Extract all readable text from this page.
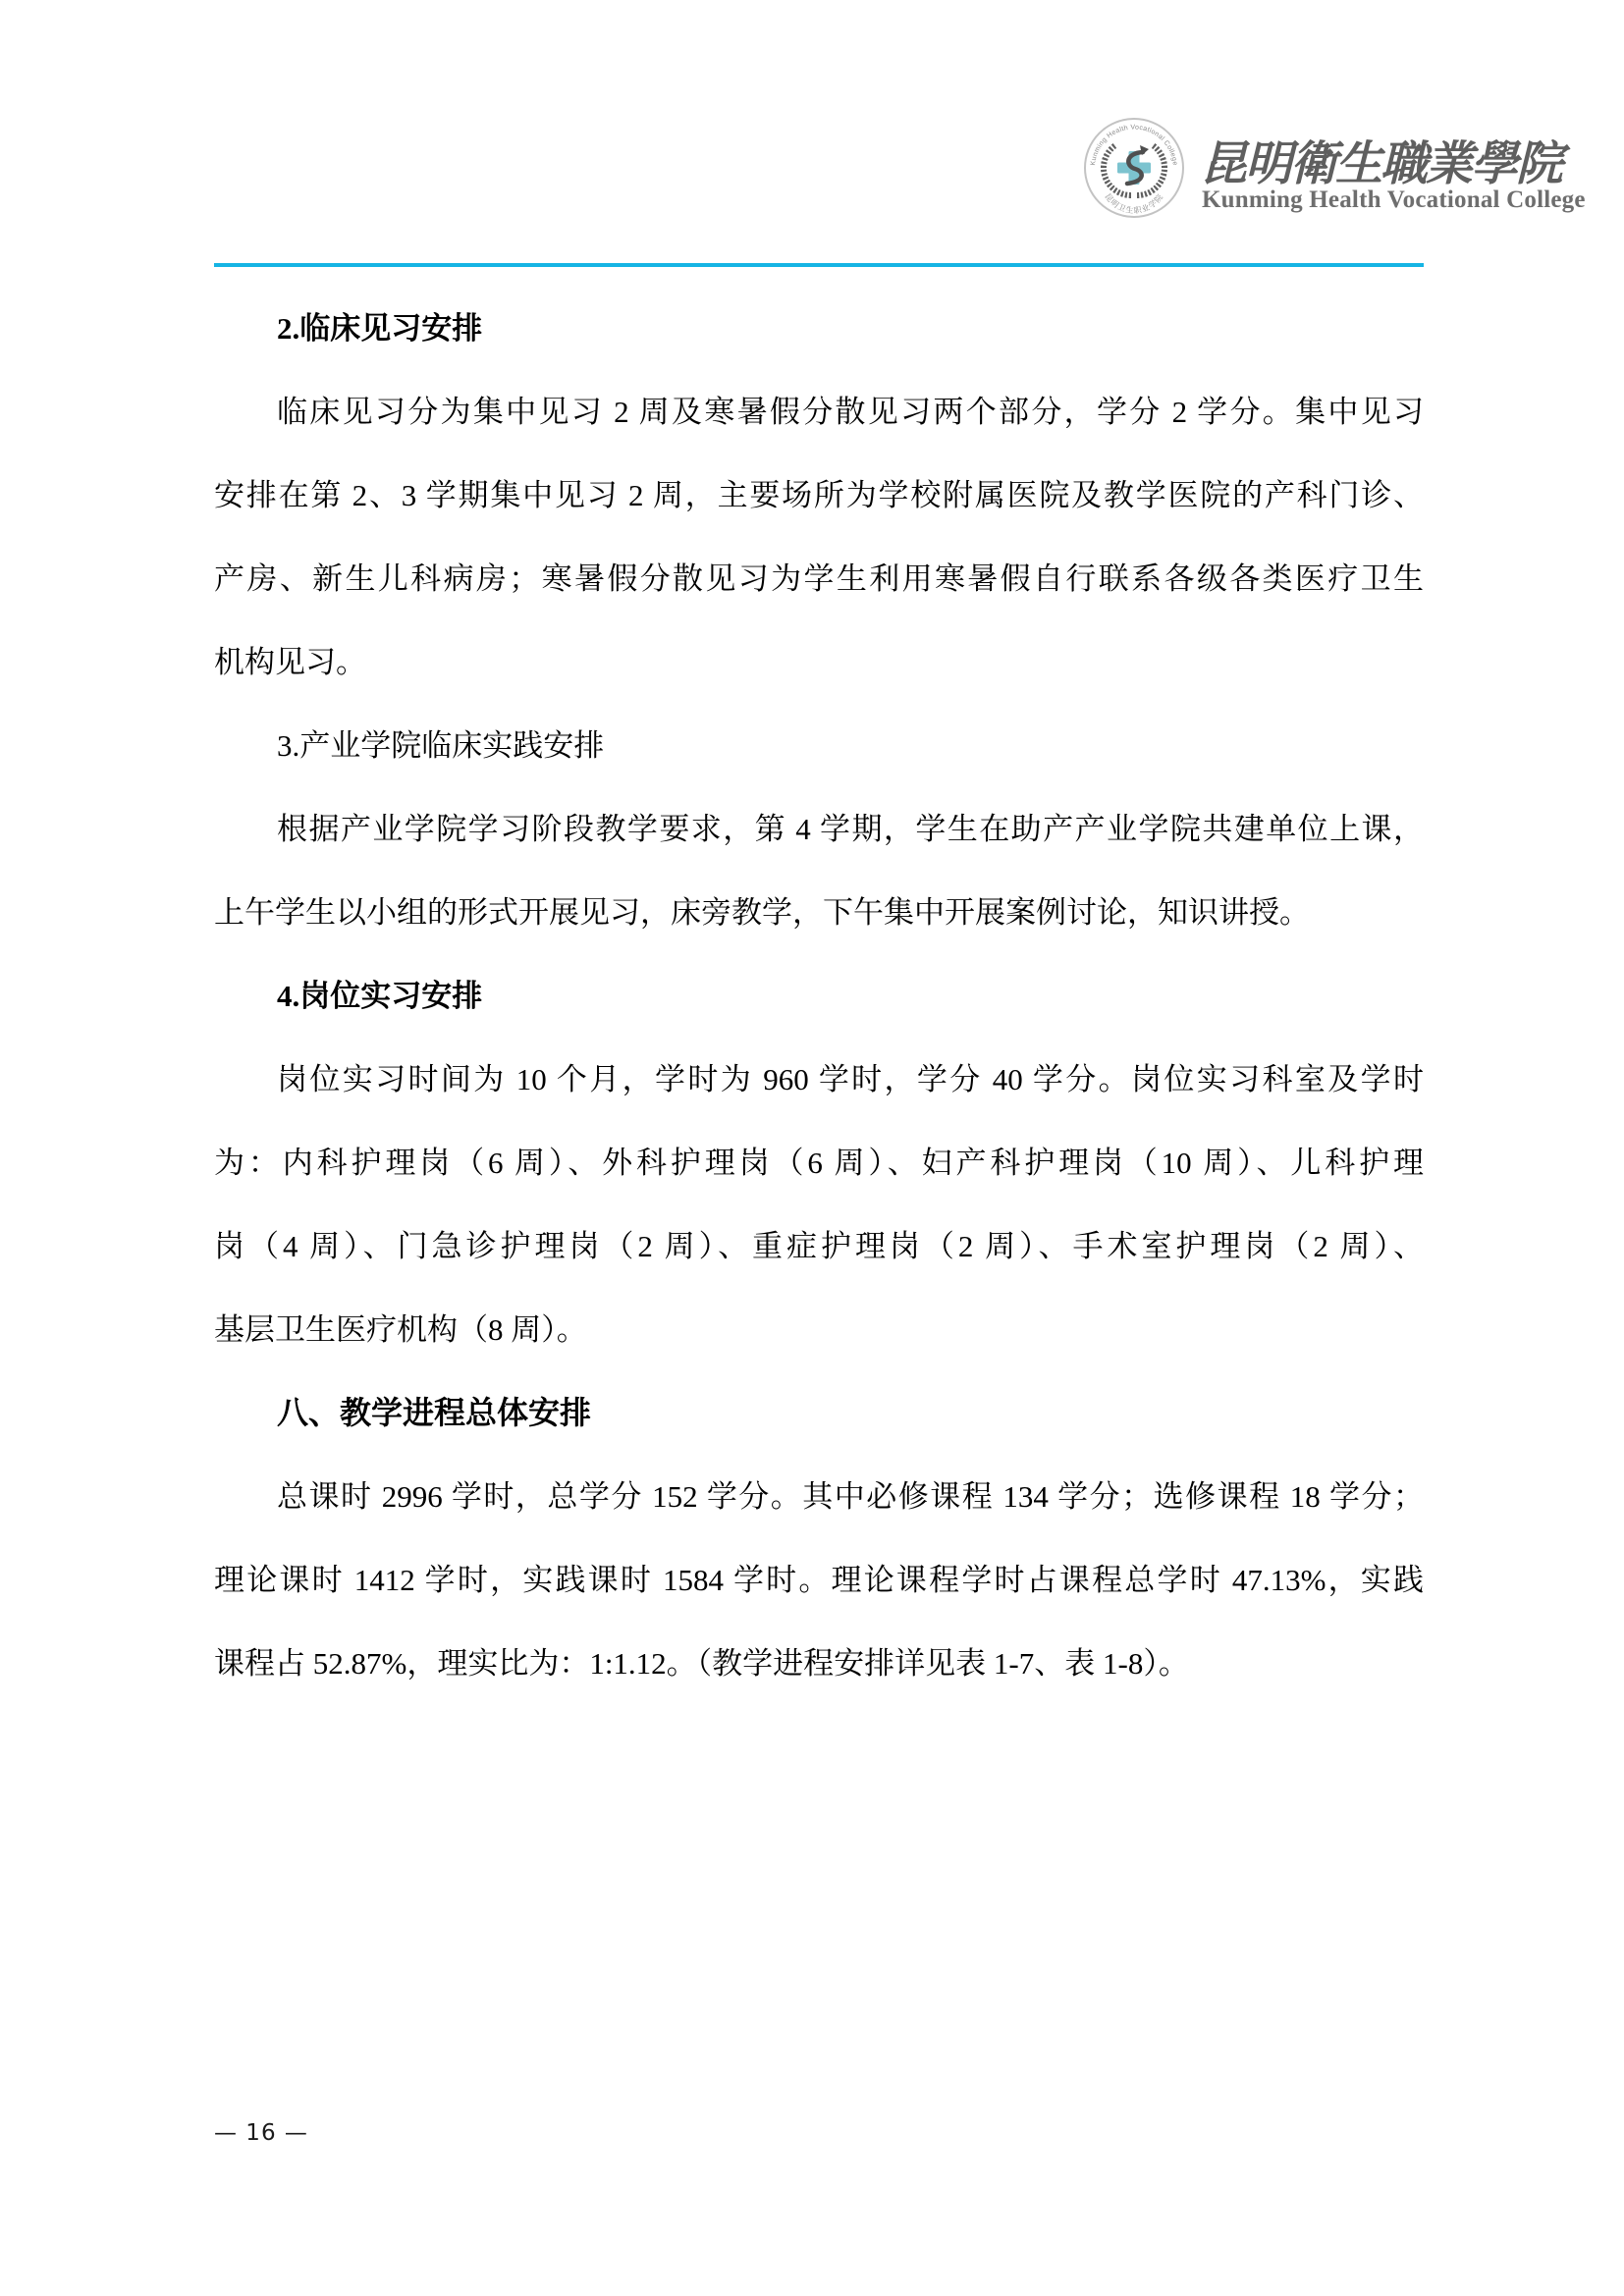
Kunming Health Vocational College
昆明卫生职业学院
昆明衛生職業學院
Kunming Health Vocational College
2.临床见习安排
临床见习分为集中见习 2 周及寒暑假分散见习两个部分，学分 2 学分。集中见习
安排在第 2、3 学期集中见习 2 周，主要场所为学校附属医院及教学医院的产科门诊、
产房、新生儿科病房；寒暑假分散见习为学生利用寒暑假自行联系各级各类医疗卫生
机构见习。
3.产业学院临床实践安排
根据产业学院学习阶段教学要求，第 4 学期，学生在助产产业学院共建单位上课，
上午学生以小组的形式开展见习，床旁教学，下午集中开展案例讨论，知识讲授。
4.岗位实习安排
岗位实习时间为 10 个月，学时为 960 学时，学分 40 学分。岗位实习科室及学时
为：内科护理岗（6 周）、外科护理岗（6 周）、妇产科护理岗（10 周）、儿科护理
岗（4 周）、门急诊护理岗（2 周）、重症护理岗（2 周）、手术室护理岗（2 周）、
基层卫生医疗机构（8 周）。
八、教学进程总体安排
总课时 2996 学时，总学分 152 学分。其中必修课程 134 学分；选修课程 18 学分；
理论课时 1412 学时，实践课时 1584 学时。理论课程学时占课程总学时 47.13%，实践
课程占 52.87%，理实比为：1:1.12。（教学进程安排详见表 1-7、表 1-8）。
— 16 —
